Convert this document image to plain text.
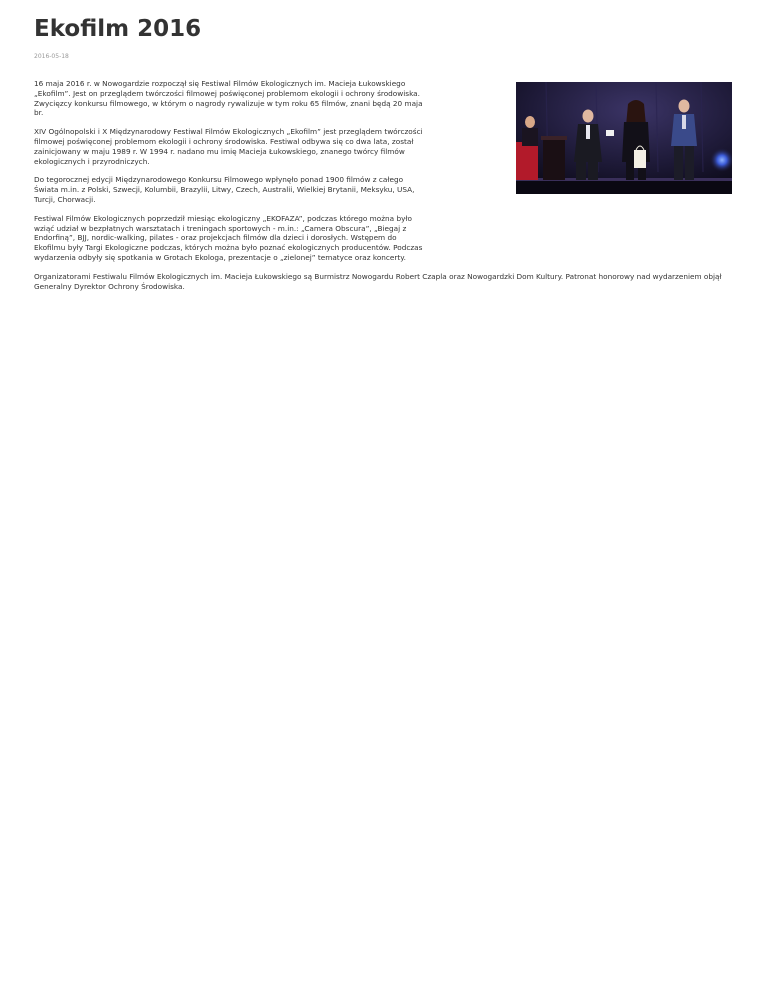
Ekofilm 2016
2016-05-18

16 maja 2016 r. w Nowogardzie rozpoczął się Festiwal Filmów Ekologicznych im. Macieja Łukowskiego „Ekofilm”. Jest on przeglądem twórczości filmowej poświęconej problemom ekologii i ochrony środowiska. Zwycięzcy konkursu filmowego, w którym o nagrody rywalizuje w tym roku 65 filmów, znani będą 20 maja br.

XIV Ogólnopolski i X Międzynarodowy Festiwal Filmów Ekologicznych „Ekofilm” jest przeglądem twórczości filmowej poświęconej problemom ekologii i ochrony środowiska. Festiwal odbywa się co dwa lata, został zainicjowany w maju 1989 r. W 1994 r. nadano mu imię Macieja Łukowskiego, znanego twórcy filmów ekologicznych i przyrodniczych.

Do tegorocznej edycji Międzynarodowego Konkursu Filmowego wpłynęło ponad 1900 filmów z całego Świata m.in. z Polski, Szwecji, Kolumbii, Brazylii, Litwy, Czech, Australii, Wielkiej Brytanii, Meksyku, USA, Turcji, Chorwacji.

Festiwal Filmów Ekologicznych poprzedził miesiąc ekologiczny „EKOFAZA”, podczas którego można było wziąć udział w bezpłatnych warsztatach i treningach sportowych - m.in.: „Camera Obscura”, „Biegaj z Endorfiną”, BJJ, nordic-walking, pilates - oraz projekcjach filmów dla dzieci i dorosłych. Wstępem do Ekofilmu były Targi Ekologiczne podczas, których można było poznać ekologicznych producentów. Podczas wydarzenia odbyły się spotkania w Grotach Ekologa, prezentacje o „zielonej” tematyce oraz koncerty.

Organizatorami Festiwalu Filmów Ekologicznych im. Macieja Łukowskiego są Burmistrz Nowogardu Robert Czapla oraz Nowogardzki Dom Kultury. Patronat honorowy nad wydarzeniem objął Generalny Dyrektor Ochrony Środowiska.
